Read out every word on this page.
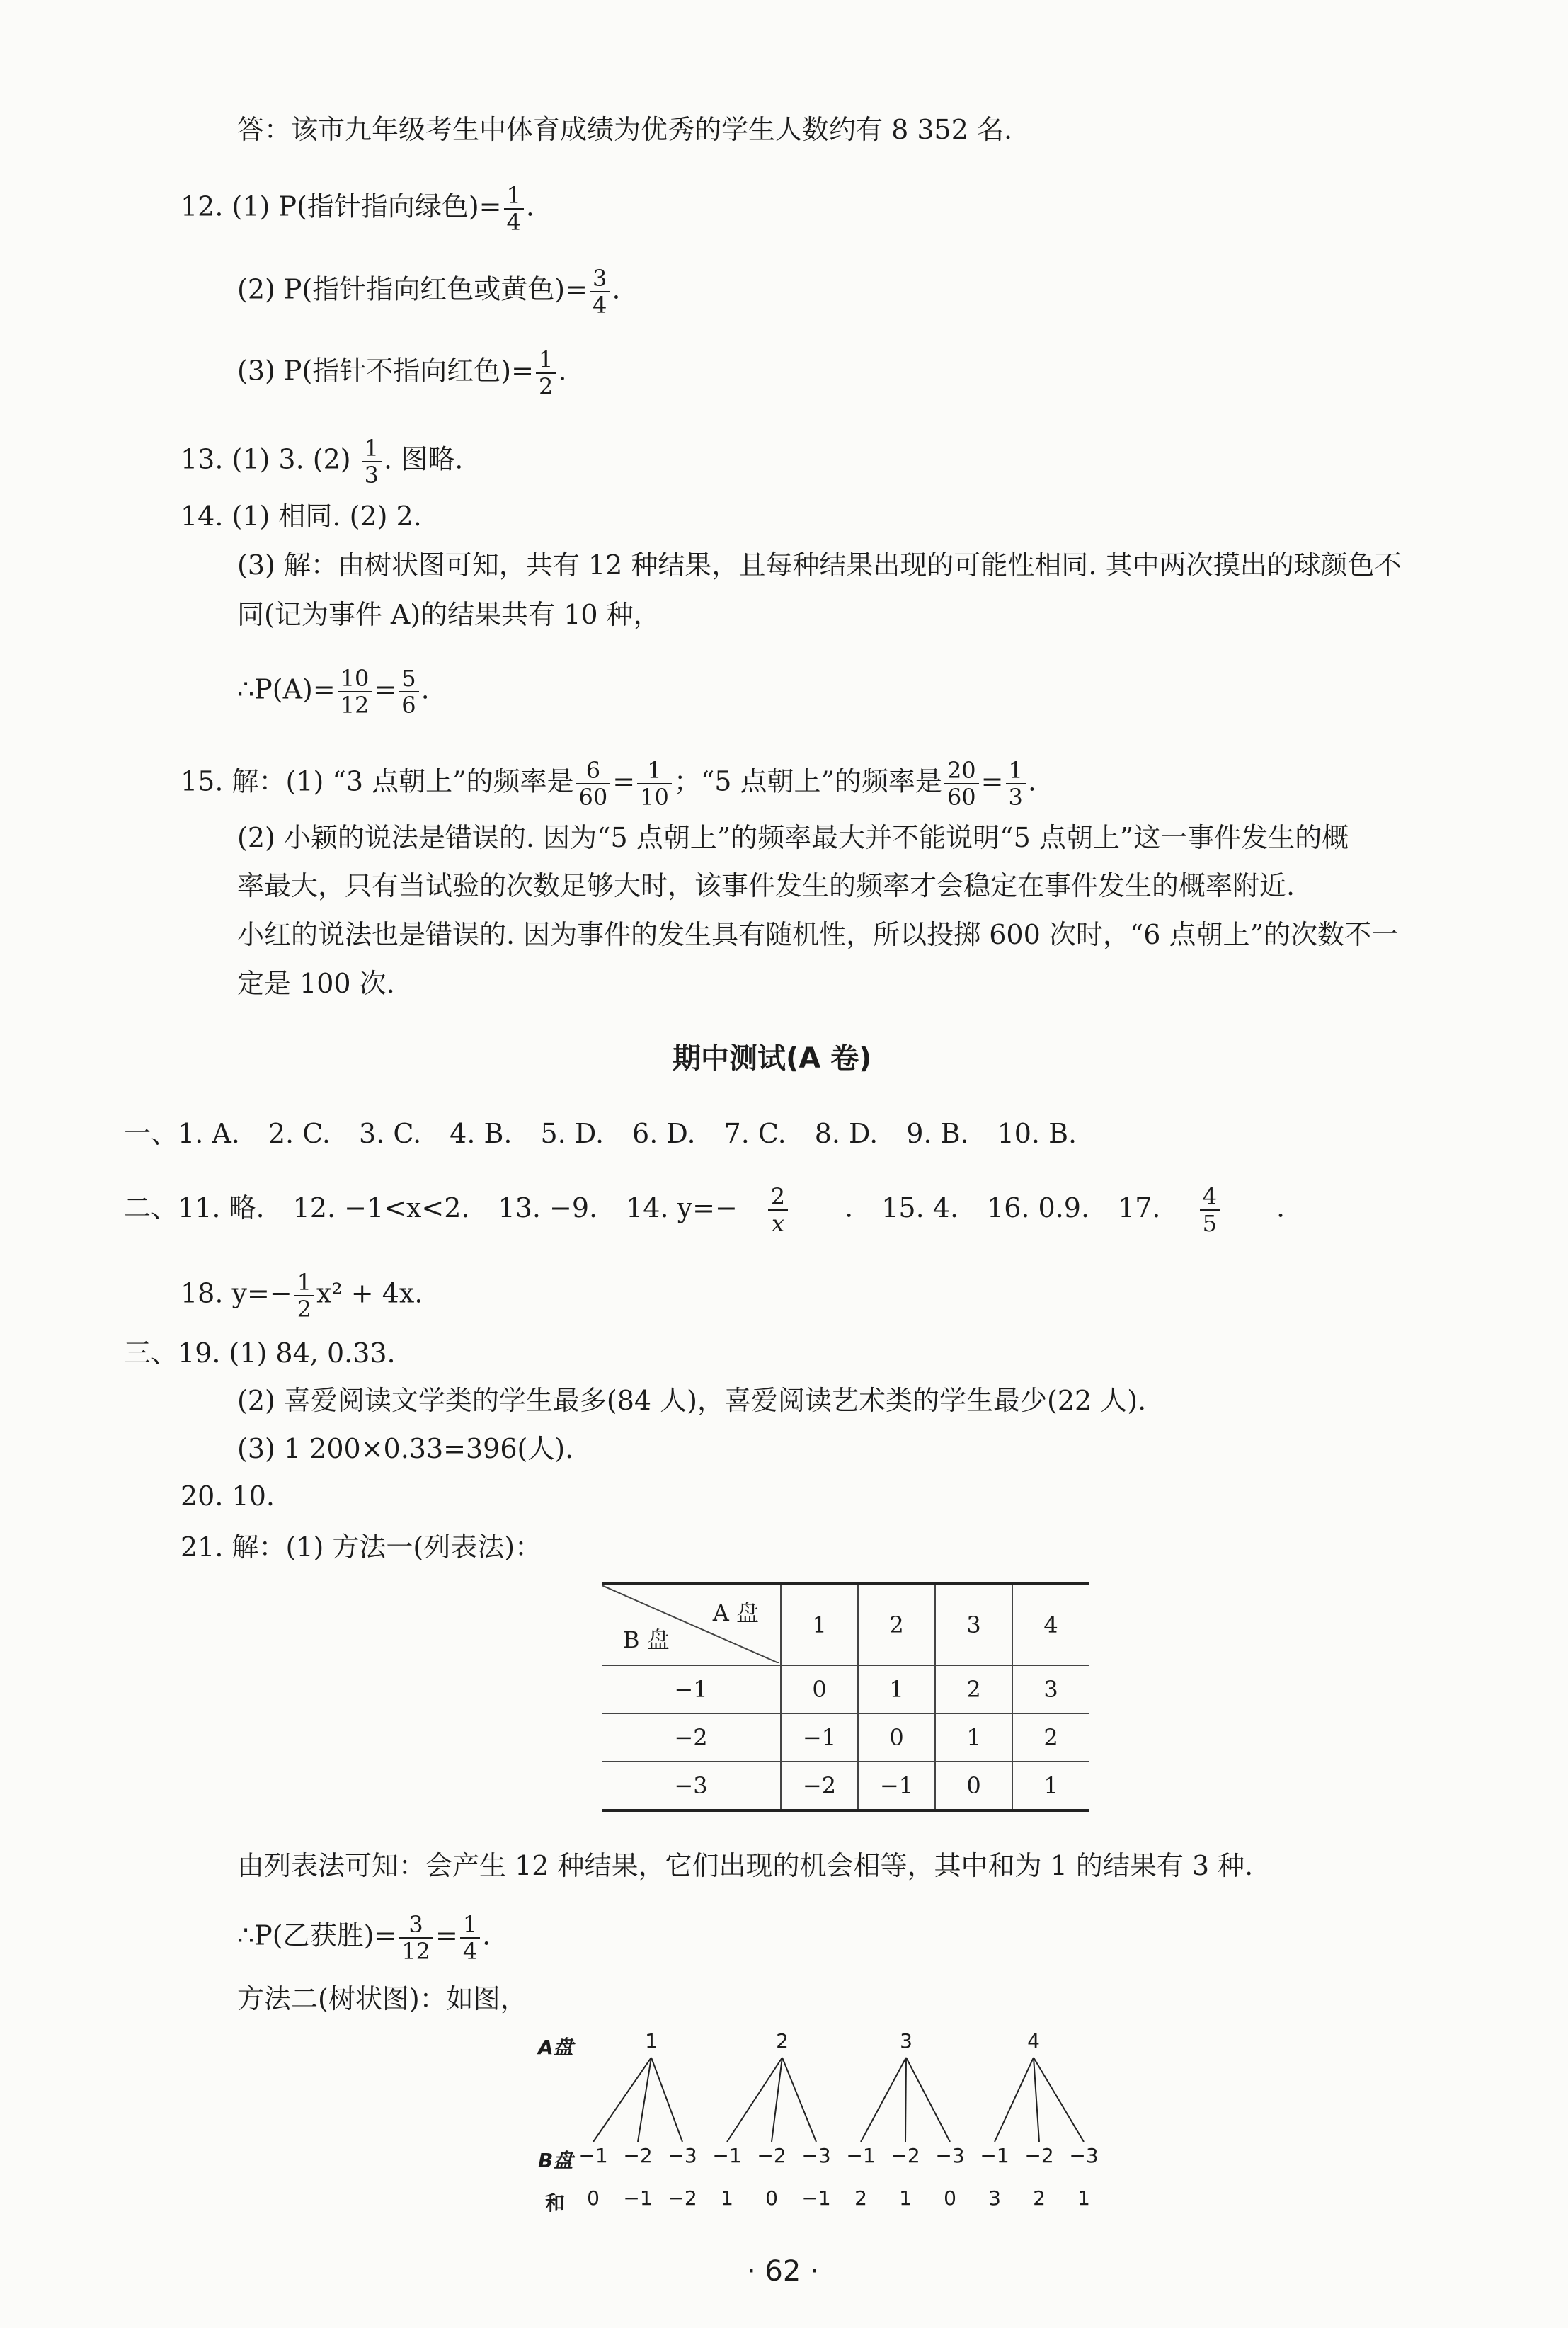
答：该市九年级考生中体育成绩为优秀的学生人数约有 8 352 名.
12. (1) P(指针指向绿色)= $\frac{1}{4}$ .
(2) P(指针指向红色或黄色)= $\frac{3}{4}$ .
(3) P(指针不指向红色)= $\frac{1}{2}$ .
13. (1) 3. $(2) \frac{1}{3}$ . 图略.
14. (1) 相同. (2) 2.
(3) 解：由树状图可知，共有 12 种结果，且每种结果出现的可能性相同. 其中两次摸出的球颜色不
同(记为事件 A)的结果共有 10 种，
∴P(A)= $\frac{10}{12} = \frac{5}{6}$ .
15. 解：(1) “3 点朝上”的频率是 $\frac{6}{60} = \frac{1}{10}$ ；“5 点朝上”的频率是 $\frac{20}{60} = \frac{1}{3}$ .
(2) 小颖的说法是错误的. 因为“5 点朝上”的频率最大并不能说明“5 点朝上”这一事件发生的概
率最大，只有当试验的次数足够大时，该事件发生的频率才会稳定在事件发生的概率附近.
小红的说法也是错误的. 因为事件的发生具有随机性，所以投掷 600 次时，“6 点朝上”的次数不一
定是 100 次.
期中测试(A 卷)
一、1. A. 2. C. 3. C. 4. B. 5. D. 6. D. 7. C. 8. D. 9. B. 10. B.
二、11. 略. 12. −1<x<2. 13. −9. 14. $y=- \frac{2}{x}$ . 15. 4. 16. 0.9. 17. $\frac{4}{5}$ .
18. $y=- \frac{1}{2} x^2 + 4x$.
三、19. (1) 84, 0.33.
(2) 喜爱阅读文学类的学生最多(84 人)，喜爱阅读艺术类的学生最少(22 人).
(3) 1 200×0.33=396(人).
20. 10.
21. 解：(1) 方法一(列表法)：
A 盘
B 盘	1	2	3	4
−1	0	1	2	3
−2	−1	0	1	2
−3	−2	−1	0	1
由列表法可知：会产生 12 种结果，它们出现的机会相等，其中和为 1 的结果有 3 种.
∴P(乙获胜)= $\frac{3}{12} = \frac{1}{4}$ .
方法二(树状图)：如图，
A盘
B盘
和
1
−1
0
−2
−1
−3
−2
2
−1
1
−2
0
−3
−1
3
−1
2
−2
1
−3
0
4
−1
3
−2
2
−3
1
· 62 ·
